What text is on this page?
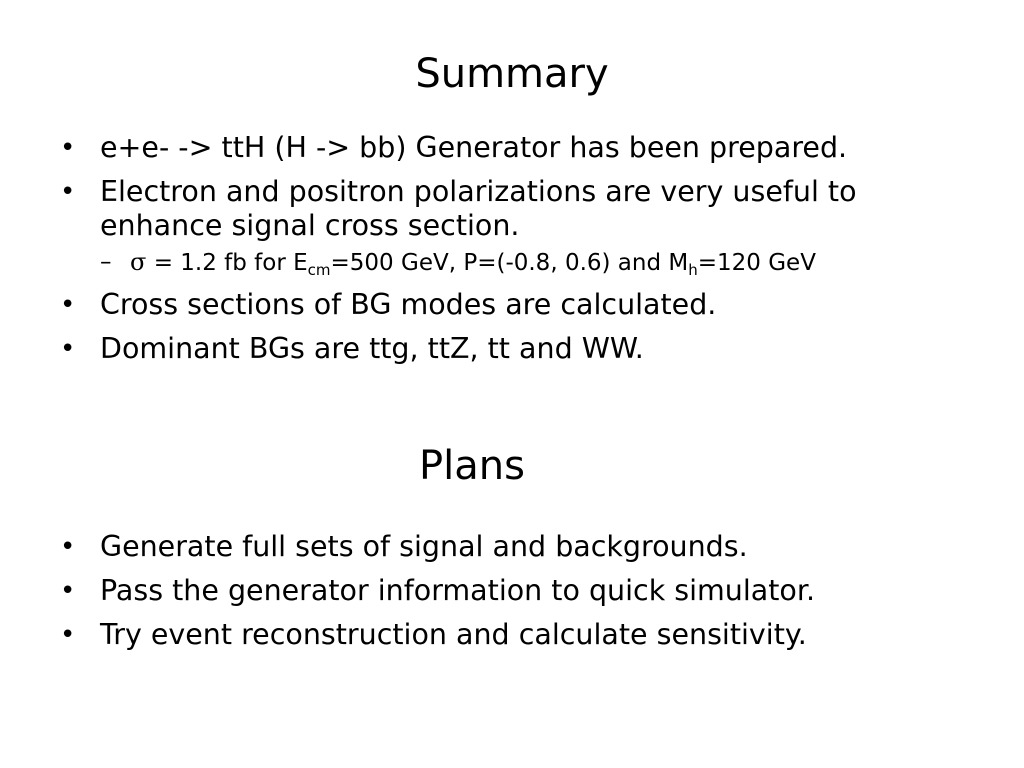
Summary
• e+e- -> ttH (H -> bb) Generator has been prepared.
• Electron and positron polarizations are very useful to enhance signal cross section.
– σ = 1.2 fb for $E_{cm}=500$ GeV, P=(-0.8, 0.6) and $M_h=120$ GeV
• Cross sections of BG modes are calculated.
• Dominant BGs are ttg, ttZ, tt and WW.
Plans
• Generate full sets of signal and backgrounds.
• Pass the generator information to quick simulator.
• Try event reconstruction and calculate sensitivity.
